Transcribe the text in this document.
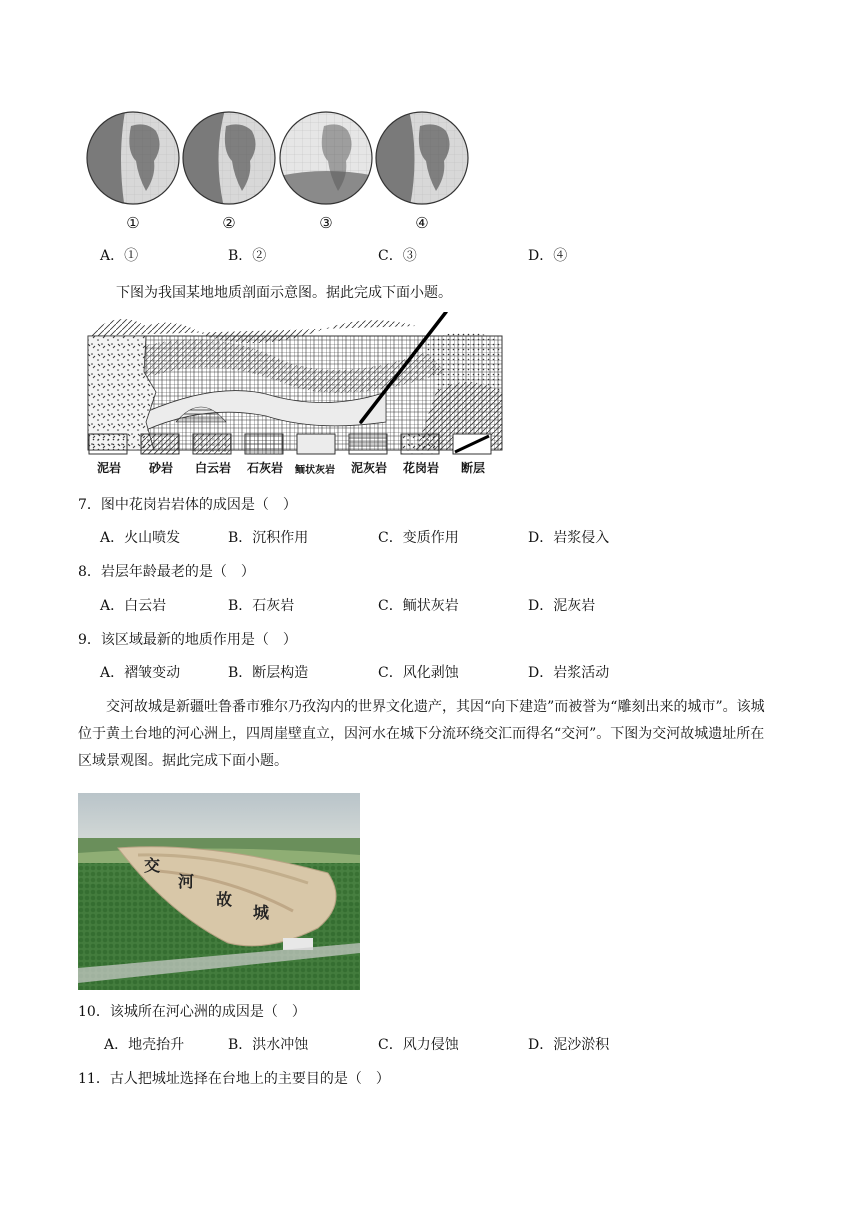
①	②	③	④
A．①	B．②	C．③	D．④
下图为我国某地地质剖面示意图。据此完成下面小题。
泥岩	砂岩	白云岩	石灰岩	鲕状灰岩	泥灰岩	花岗岩	断层
7．图中花岗岩岩体的成因是（　）
A．火山喷发	B．沉积作用	C．变质作用	D．岩浆侵入
8．岩层年龄最老的是（　）
A．白云岩	B．石灰岩	C．鲕状灰岩	D．泥灰岩
9．该区域最新的地质作用是（　）
A．褶皱变动	B．断层构造	C．风化剥蚀	D．岩浆活动
　　交河故城是新疆吐鲁番市雅尔乃孜沟内的世界文化遗产，其因“向下建造”而被誉为“雕刻出来的城市”。该城位于黄土台地的河心洲上，四周崖壁直立，因河水在城下分流环绕交汇而得名“交河”。下图为交河故城遗址所在区域景观图。据此完成下面小题。
交
河
故
城
10．该城所在河心洲的成因是（　）
A．地壳抬升	B．洪水冲蚀	C．风力侵蚀	D．泥沙淤积
11．古人把城址选择在台地上的主要目的是（　）
